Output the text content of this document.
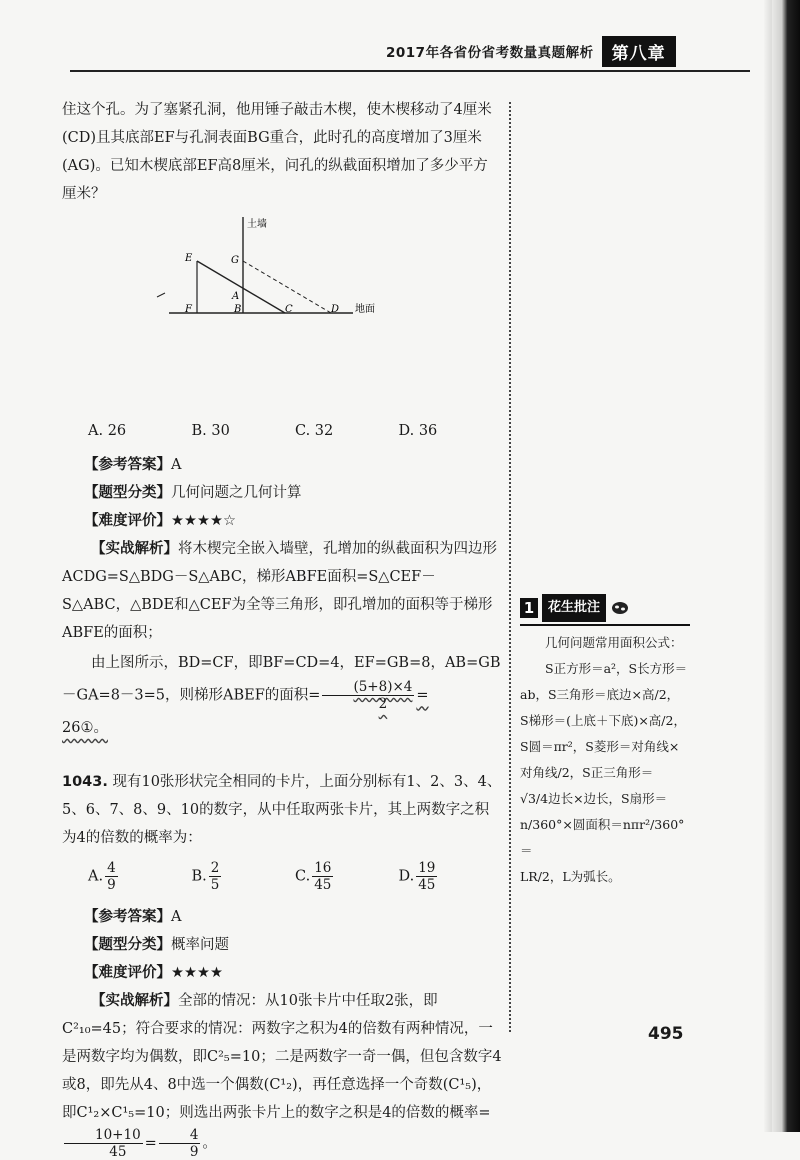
2017年各省份省考数量真题解析	第八章

住这个孔。为了塞紧孔洞，他用锤子敲击木楔，使木楔移动了4厘米(CD)且其底部EF与孔洞表面BG重合，此时孔的高度增加了3厘米(AG)。已知木楔底部EF高8厘米，问孔的纵截面积增加了多少平方厘米？

A. 26	B. 30	C. 32	D. 36

【参考答案】A

【题型分类】几何问题之几何计算

【难度评价】★★★★☆

【实战解析】将木楔完全嵌入墙壁，孔增加的纵截面积为四边形ACDG=S△BDG－S△ABC，梯形ABFE面积=S△CEF－S△ABC，△BDE和△CEF为全等三角形，即孔增加的面积等于梯形ABFE的面积；

由上图所示，BD=CF，即BF=CD=4，EF=GB=8，AB=GB－GA=8－3=5，则梯形ABEF的面积= $\frac{(5+8)\times 4}{2}$ =
26①。

1043. 现有10张形状完全相同的卡片，上面分别标有1、2、3、4、5、6、7、8、9、10的数字，从中任取两张卡片，其上两数字之积为4的倍数的概率为：

A. $\frac{4}{9}$	B. $\frac{2}{5}$	C. $\frac{16}{45}$	D. $\frac{19}{45}$

【参考答案】A

【题型分类】概率问题

【难度评价】★★★★

【实战解析】全部的情况：从10张卡片中任取2张，即C²₁₀=45；符合要求的情况：两数字之积为4的倍数有两种情况，一是两数字均为偶数，即C²₅=10；二是两数字一奇一偶，但包含数字4或8，即先从4、8中选一个偶数(C¹₂)，再任意选择一个奇数(C¹₅)，即C¹₂×C¹₅=10；则选出两张卡片上的数字之积是4的倍数的概率=
$\frac{10+10}{45} = \frac{4}{9}$ 。

土墙
地面
E	G
A
F	B	C	D
1	花生批注

几何问题常用面积公式：

S正方形＝a²，S长方形＝ab，S三角形＝底边×高/2，

S梯形＝(上底＋下底)×高/2，

S圆＝πr²，S菱形＝对角线×对角线/2，S正三角形＝

√3/4边长×边长，S扇形＝

n/360°×圆面积＝nπr²/360°＝

LR/2，L为弧长。

495
